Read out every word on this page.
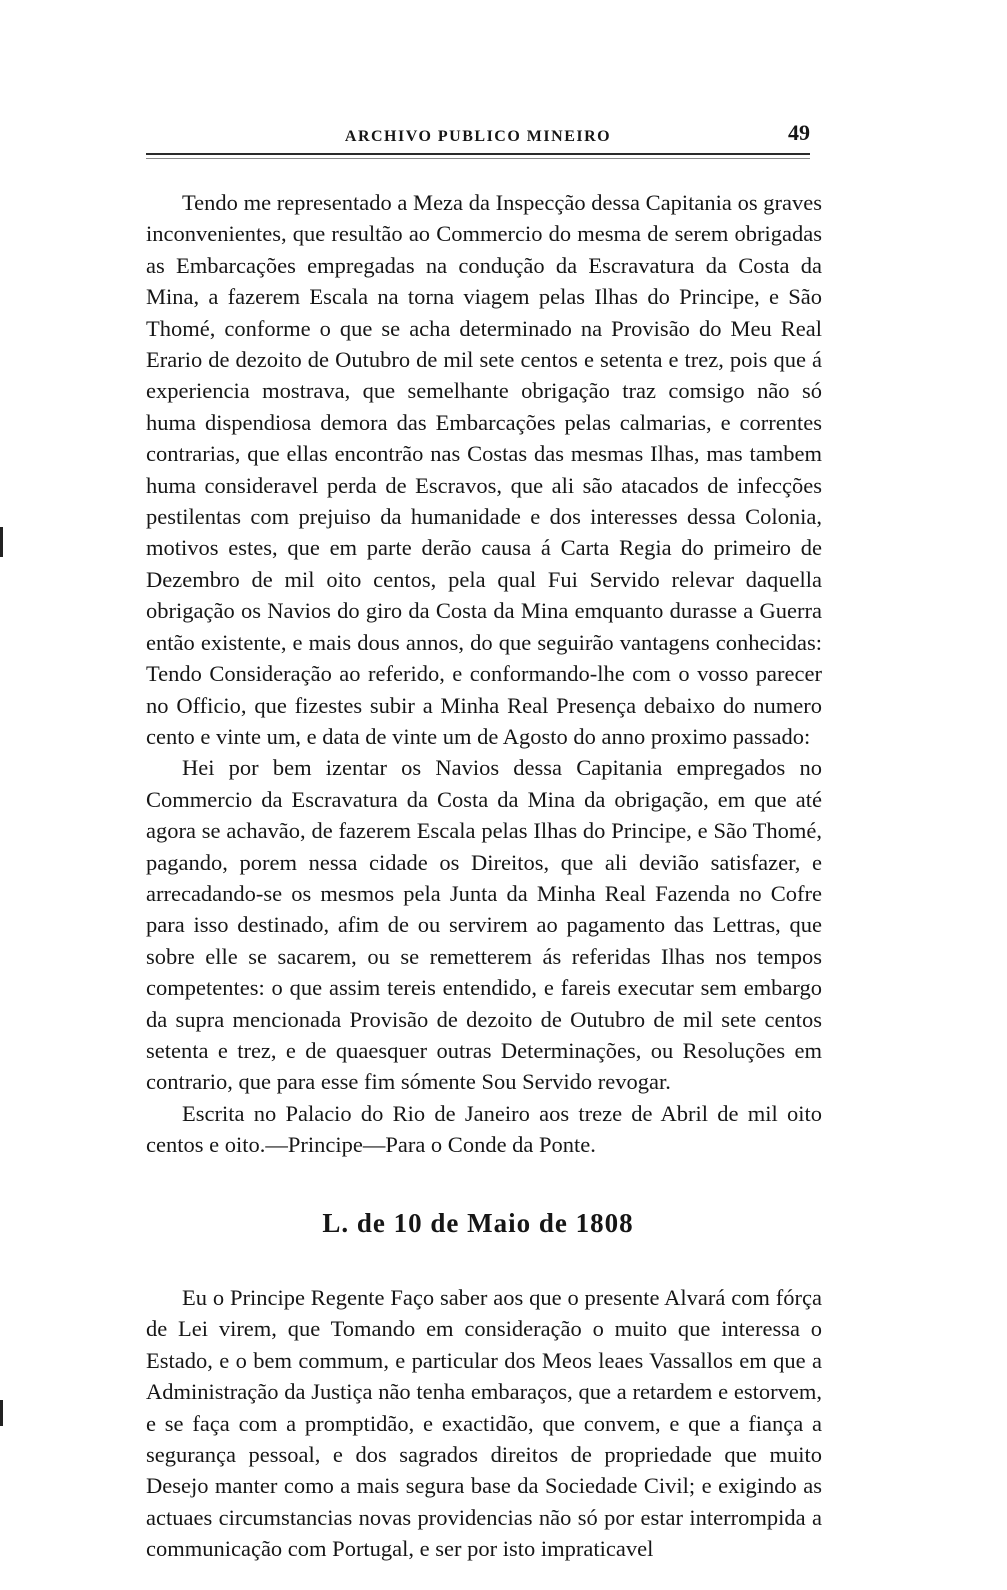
ARCHIVO PUBLICO MINEIRO	49

Tendo me representado a Meza da Inspecção dessa Capitania os graves inconvenientes, que resultão ao Commercio do mesma de serem obrigadas as Embarcações empregadas na condução da Escravatura da Costa da Mina, a fazerem Escala na torna viagem pelas Ilhas do Principe, e São Thomé, conforme o que se acha determinado na Provisão do Meu Real Erario de dezoito de Outubro de mil sete centos e setenta e trez, pois que á experiencia mostrava, que semelhante obrigação traz comsigo não só huma dispendiosa demora das Embarcações pelas calmarias, e correntes contrarias, que ellas encontrão nas Costas das mesmas Ilhas, mas tambem huma consideravel perda de Escravos, que ali são atacados de infecções pestilentas com prejuiso da humanidade e dos interesses dessa Colonia, motivos estes, que em parte derão causa á Carta Regia do primeiro de Dezembro de mil oito centos, pela qual Fui Servido relevar daquella obrigação os Navios do giro da Costa da Mina emquanto durasse a Guerra então existente, e mais dous annos, do que seguirão vantagens conhecidas: Tendo Consideração ao referido, e conformando-lhe com o vosso parecer no Officio, que fizestes subir a Minha Real Presença debaixo do numero cento e vinte um, e data de vinte um de Agosto do anno proximo passado:

Hei por bem izentar os Navios dessa Capitania empregados no Commercio da Escravatura da Costa da Mina da obrigação, em que até agora se achavão, de fazerem Escala pelas Ilhas do Principe, e São Thomé, pagando, porem nessa cidade os Direitos, que ali devião satisfazer, e arrecadando-se os mesmos pela Junta da Minha Real Fazenda no Cofre para isso destinado, afim de ou servirem ao pagamento das Lettras, que sobre elle se sacarem, ou se remetterem ás referidas Ilhas nos tempos competentes: o que assim tereis entendido, e fareis executar sem embargo da supra mencionada Provisão de dezoito de Outubro de mil sete centos setenta e trez, e de quaesquer outras Determinações, ou Resoluções em contrario, que para esse fim sómente Sou Servido revogar.

Escrita no Palacio do Rio de Janeiro aos treze de Abril de mil oito centos e oito.—Principe—Para o Conde da Ponte.

L. de 10 de Maio de 1808

Eu o Principe Regente Faço saber aos que o presente Alvará com fórça de Lei virem, que Tomando em consideração o muito que interessa o Estado, e o bem commum, e particular dos Meos leaes Vassallos em que a Administração da Justiça não tenha embaraços, que a retardem e estorvem, e se faça com a promptidão, e exactidão, que convem, e que a fiança a segurança pessoal, e dos sagrados direitos de propriedade que muito Desejo manter como a mais segura base da Sociedade Civil; e exigindo as actuaes circumstancias novas providencias não só por estar interrompida a communicação com Portugal, e ser por isto impraticavel
